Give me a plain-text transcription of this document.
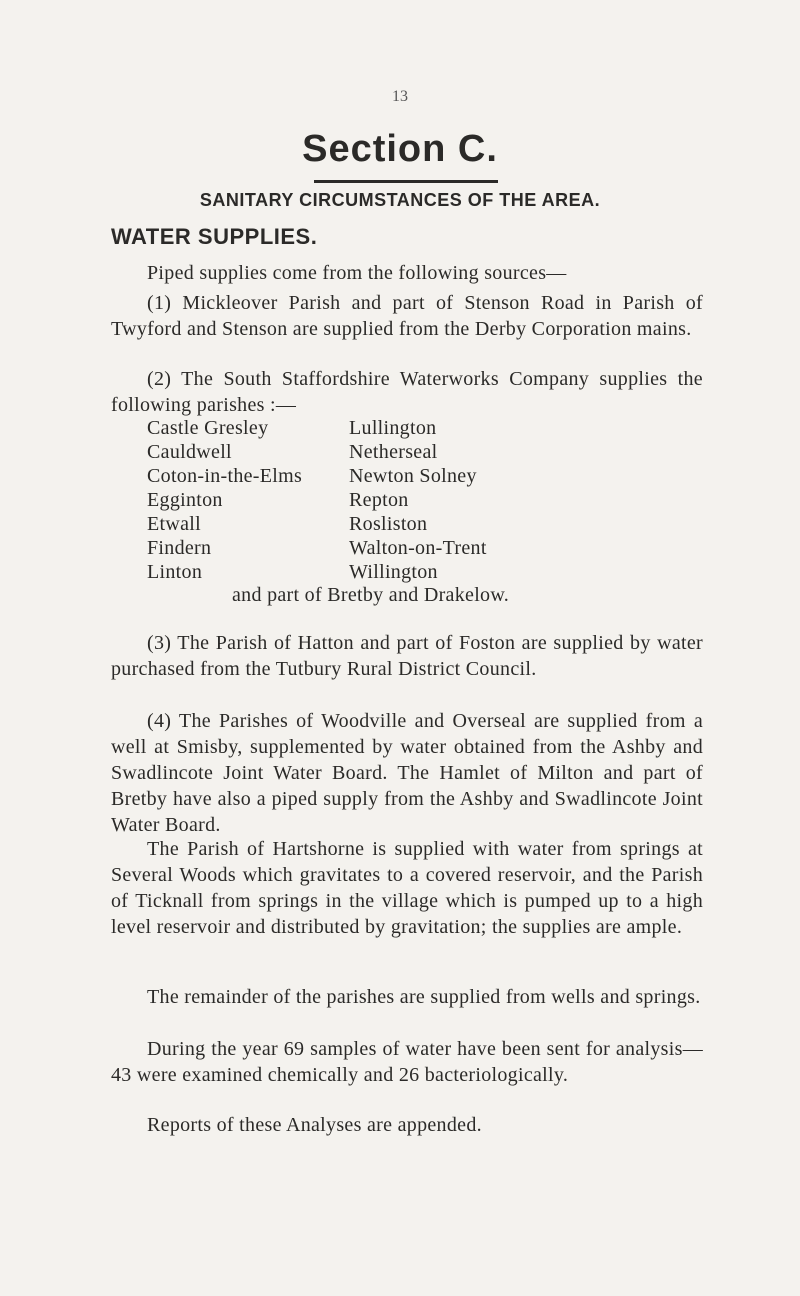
13
Section C.
SANITARY CIRCUMSTANCES OF THE AREA.
WATER SUPPLIES.
Piped supplies come from the following sources—
(1) Mickleover Parish and part of Stenson Road in Parish of Twyford and Stenson are supplied from the Derby Corporation mains.
(2) The South Staffordshire Waterworks Company supplies the following parishes :—
Castle Gresley
Cauldwell
Coton-in-the-Elms
Egginton
Etwall
Findern
Linton
Lullington
Netherseal
Newton Solney
Repton
Rosliston
Walton-on-Trent
Willington
and part of Bretby and Drakelow.
(3) The Parish of Hatton and part of Foston are supplied by water purchased from the Tutbury Rural District Council.
(4) The Parishes of Woodville and Overseal are supplied from a well at Smisby, supplemented by water obtained from the Ashby and Swadlincote Joint Water Board. The Hamlet of Milton and part of Bretby have also a piped supply from the Ashby and Swadlincote Joint Water Board.
The Parish of Hartshorne is supplied with water from springs at Several Woods which gravitates to a covered reservoir, and the Parish of Ticknall from springs in the village which is pumped up to a high level reservoir and distributed by gravitation; the supplies are ample.
The remainder of the parishes are supplied from wells and springs.
During the year 69 samples of water have been sent for analysis—43 were examined chemically and 26 bacteriologically.
Reports of these Analyses are appended.
